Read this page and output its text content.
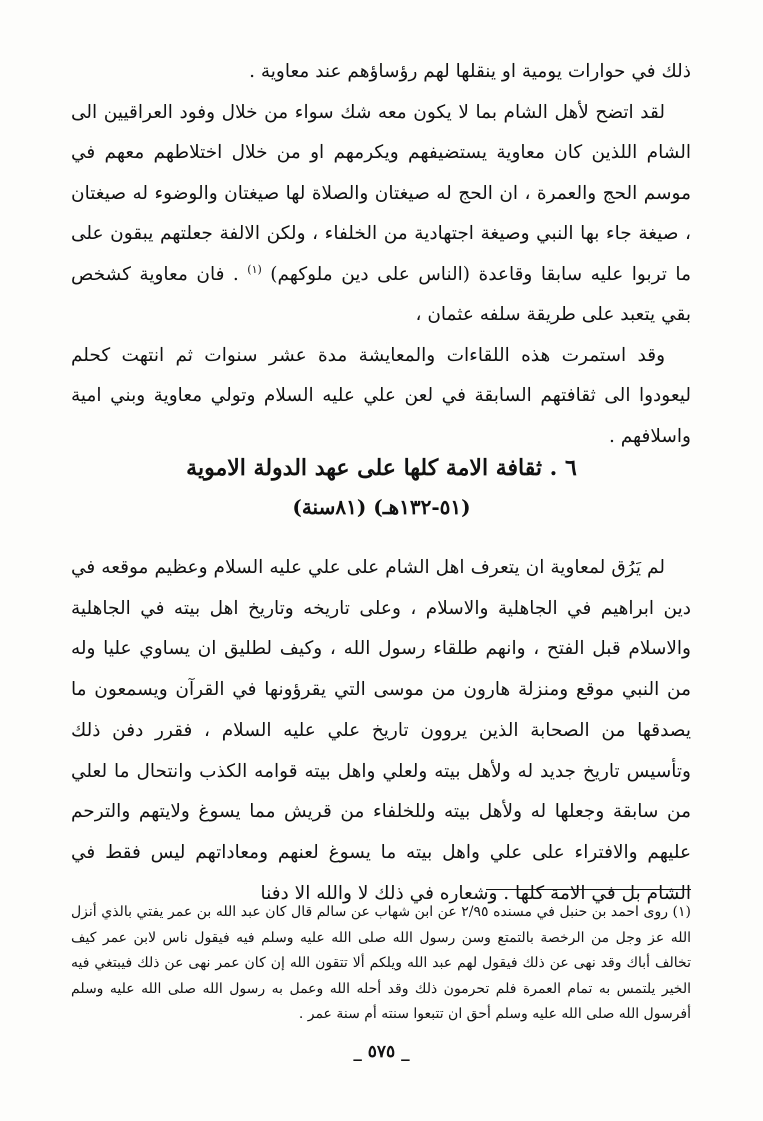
ذلك في حوارات يومية او ينقلها لهم رؤساؤهم عند معاوية .

لقد اتضح لأهل الشام بما لا يكون معه شك سواء من خلال وفود العراقيين الى الشام اللذين كان معاوية يستضيفهم ويكرمهم او من خلال اختلاطهم معهم في موسم الحج والعمرة ، ان الحج له صيغتان والصلاة لها صيغتان والوضوء له صيغتان ، صيغة جاء بها النبي وصيغة اجتهادية من الخلفاء ، ولكن الالفة جعلتهم يبقون على ما تربوا عليه سابقا وقاعدة (الناس على دين ملوكهم) $^{(١)}$ . فان معاوية كشخص بقي يتعبد على طريقة سلفه عثمان ،

وقد استمرت هذه اللقاءات والمعايشة مدة عشر سنوات ثم انتهت كحلم ليعودوا الى ثقافتهم السابقة في لعن علي عليه السلام وتولي معاوية وبني امية واسلافهم .

٦ . ثقافة الامة كلها على عهد الدولة الاموية
(٥١-١٣٢هـ) (٨١سنة)

لم يَرُق لمعاوية ان يتعرف اهل الشام على علي عليه السلام وعظيم موقعه في دين ابراهيم في الجاهلية والاسلام ، وعلى تاريخه وتاريخ اهل بيته في الجاهلية والاسلام قبل الفتح ، وانهم طلقاء رسول الله ، وكيف لطليق ان يساوي عليا وله من النبي موقع ومنزلة هارون من موسى التي يقرؤونها في القرآن ويسمعون ما يصدقها من الصحابة الذين يروون تاريخ علي عليه السلام ، فقرر دفن ذلك وتأسيس تاريخ جديد له ولأهل بيته ولعلي واهل بيته قوامه الكذب وانتحال ما لعلي من سابقة وجعلها له ولأهل بيته وللخلفاء من قريش مما يسوغ ولايتهم والترحم عليهم والافتراء على علي واهل بيته ما يسوغ لعنهم ومعاداتهم ليس فقط في الشام بل في الامة كلها . وشعاره في ذلك لا والله الا دفنا

(١) روى احمد بن حنبل في مسنده ٢/٩٥ عن ابن شهاب عن سالم قال كان عبد الله بن عمر يفتي بالذي أنزل الله عز وجل من الرخصة بالتمتع وسن رسول الله صلى الله عليه وسلم فيه فيقول ناس لابن عمر كيف تخالف أباك وقد نهى عن ذلك فيقول لهم عبد الله ويلكم ألا تتقون الله إن كان عمر نهى عن ذلك فيبتغي فيه الخير يلتمس به تمام العمرة فلم تحرمون ذلك وقد أحله الله وعمل به رسول الله صلى الله عليه وسلم أفرسول الله صلى الله عليه وسلم أحق ان تتبعوا سنته أم سنة عمر .

_ ٥٧٥ _
